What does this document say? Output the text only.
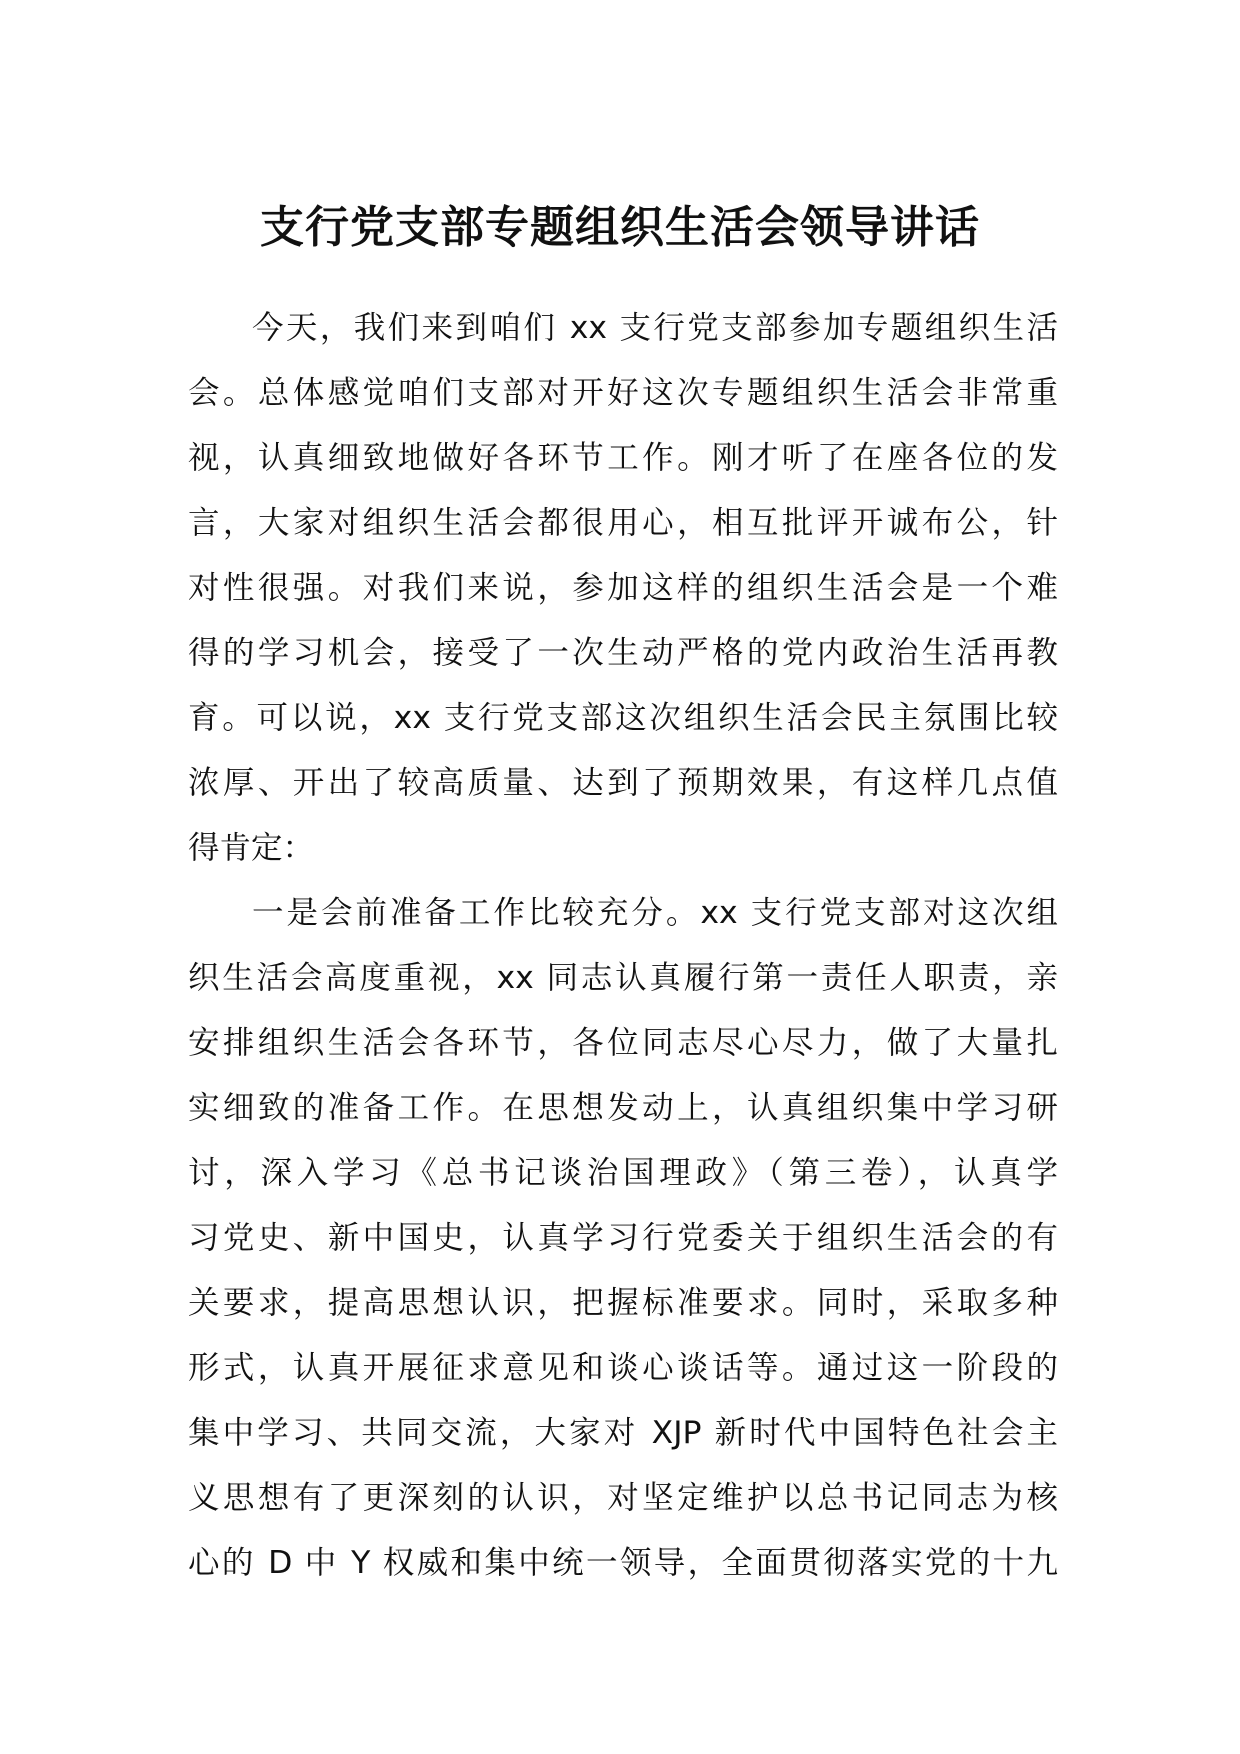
支行党支部专题组织生活会领导讲话
今天，我们来到咱们 xx 支行党支部参加专题组织生活
会。总体感觉咱们支部对开好这次专题组织生活会非常重
视，认真细致地做好各环节工作。刚才听了在座各位的发
言，大家对组织生活会都很用心，相互批评开诚布公，针
对性很强。对我们来说，参加这样的组织生活会是一个难
得的学习机会，接受了一次生动严格的党内政治生活再教
育。可以说，xx 支行党支部这次组织生活会民主氛围比较
浓厚、开出了较高质量、达到了预期效果，有这样几点值
得肯定：
一是会前准备工作比较充分。xx 支行党支部对这次组
织生活会高度重视，xx 同志认真履行第一责任人职责，亲
安排组织生活会各环节，各位同志尽心尽力，做了大量扎
实细致的准备工作。在思想发动上，认真组织集中学习研
讨，深入学习《总书记谈治国理政》（第三卷），认真学
习党史、新中国史，认真学习行党委关于组织生活会的有
关要求，提高思想认识，把握标准要求。同时，采取多种
形式，认真开展征求意见和谈心谈话等。通过这一阶段的
集中学习、共同交流，大家对 XJP 新时代中国特色社会主
义思想有了更深刻的认识，对坚定维护以总书记同志为核
心的 D 中 Y 权威和集中统一领导，全面贯彻落实党的十九
